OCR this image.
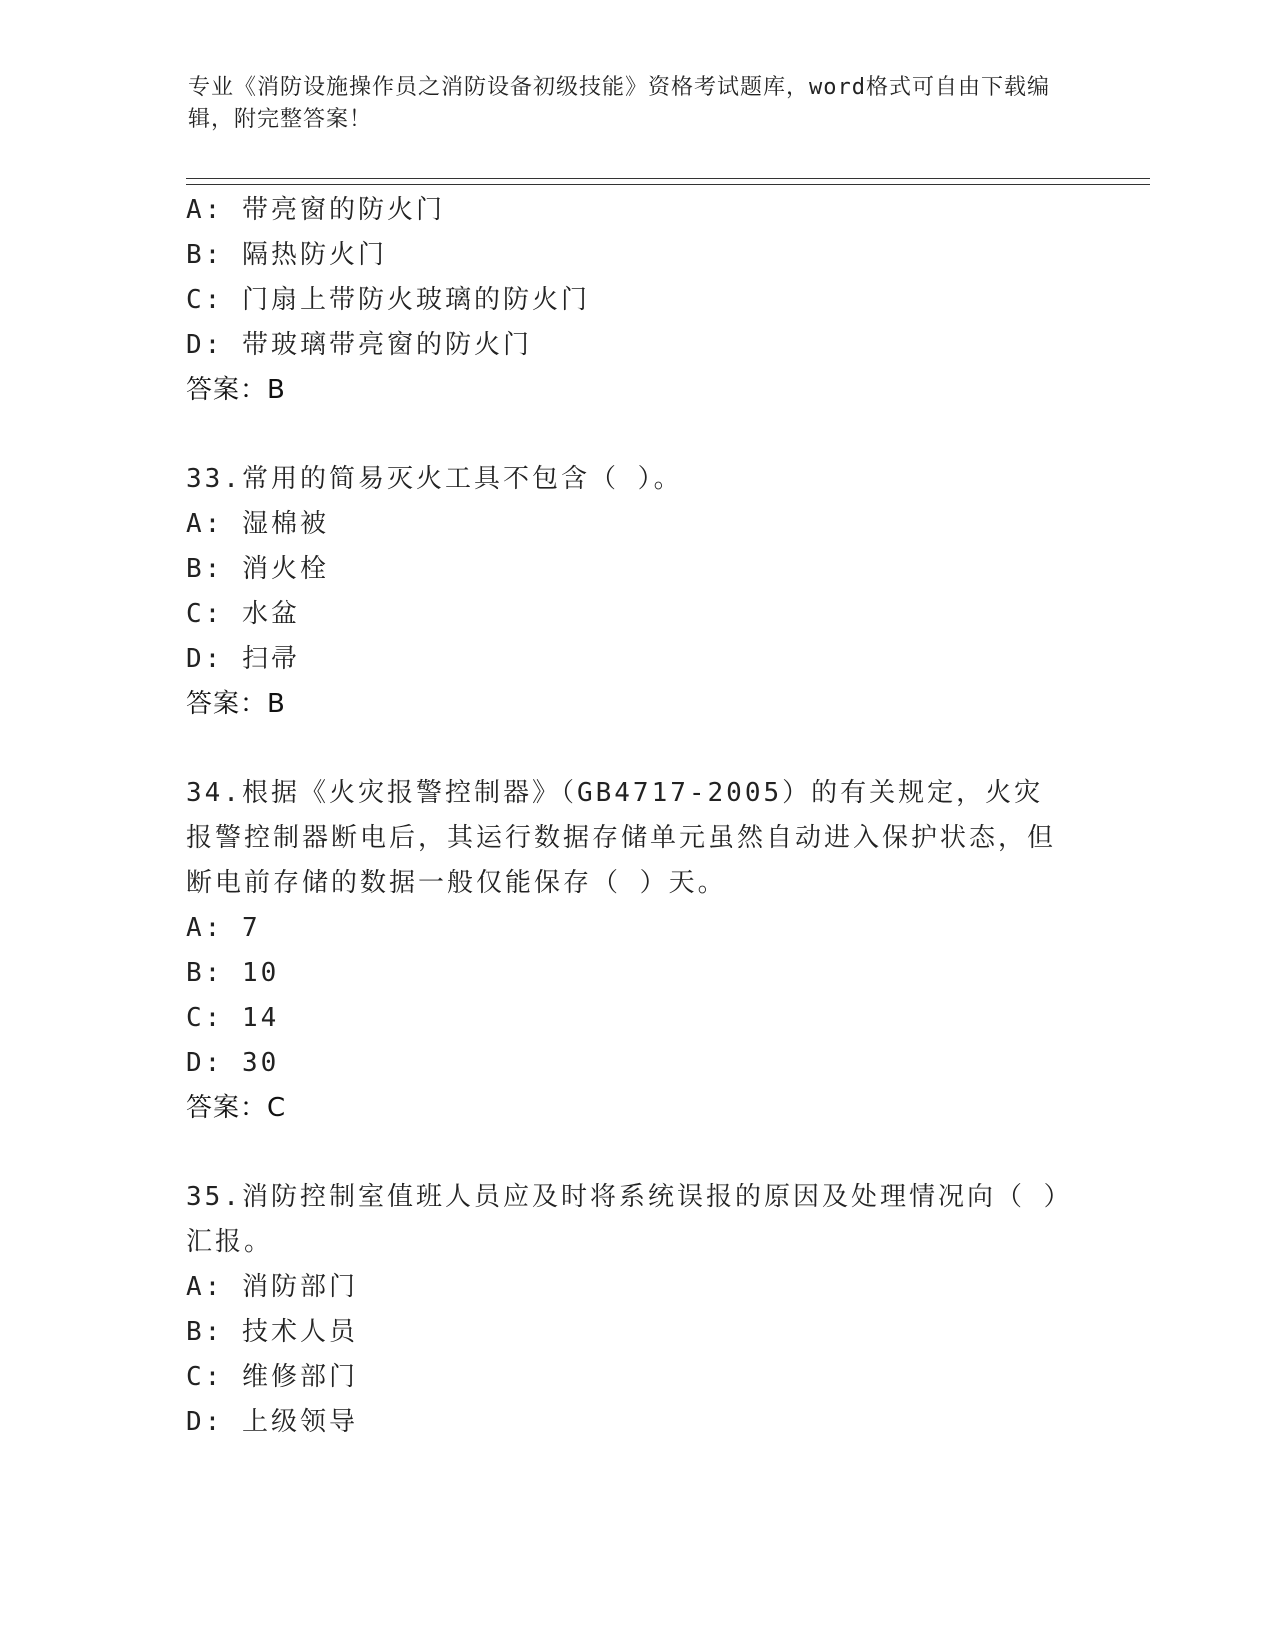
专业《消防设施操作员之消防设备初级技能》资格考试题库，word格式可自由下载编辑，附完整答案！
A: 带亮窗的防火门
B: 隔热防火门
C: 门扇上带防火玻璃的防火门
D: 带玻璃带亮窗的防火门
答案：B
33.常用的简易灭火工具不包含（ ）。
A: 湿棉被
B: 消火栓
C: 水盆
D: 扫帚
答案：B
34.根据《火灾报警控制器》（GB4717-2005）的有关规定，火灾报警控制器断电后，其运行数据存储单元虽然自动进入保护状态，但断电前存储的数据一般仅能保存（ ）天。
A: 7
B: 10
C: 14
D: 30
答案：C
35.消防控制室值班人员应及时将系统误报的原因及处理情况向（ ）汇报。
A: 消防部门
B: 技术人员
C: 维修部门
D: 上级领导
